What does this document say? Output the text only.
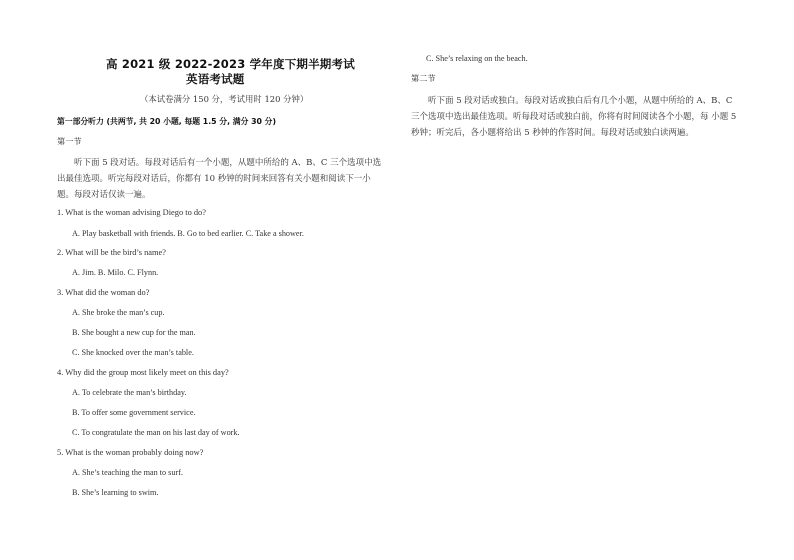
高 2021 级 2022-2023 学年度下期半期考试
英语考试题
（本试卷满分 150 分，考试用时 120 分钟）
第一部分听力 (共两节, 共 20 小题, 每题 1.5 分, 满分 30 分)
第一节
听下面 5 段对话。每段对话后有一个小题，从题中所给的 A、B、C 三个选项中选出最佳选项。听完每段对话后，你都有 10 秒钟的时间来回答有关小题和阅读下一小题。每段对话仅读一遍。
1. What is the woman advising Diego to do?
A. Play basketball with friends. B. Go to bed earlier. C. Take a shower.
2. What will be the bird’s name?
A. Jim. B. Milo. C. Flynn.
3. What did the woman do?
A. She broke the man’s cup.
B. She bought a new cup for the man.
C. She knocked over the man’s table.
4. Why did the group most likely meet on this day?
A. To celebrate the man’s birthday.
B. To offer some government service.
C. To congratulate the man on his last day of work.
5. What is the woman probably doing now?
A. She’s teaching the man to surf.
B. She’s learning to swim.
C. She’s relaxing on the beach.
第二节
听下面 5 段对话或独白。每段对话或独白后有几个小题，从题中所给的 A、B、C 三个选项中选出最佳选项。听每段对话或独白前，你将有时间阅读各个小题，每 小题 5 秒钟；听完后，各小题将给出 5 秒钟的作答时间。每段对话或独白读两遍。
